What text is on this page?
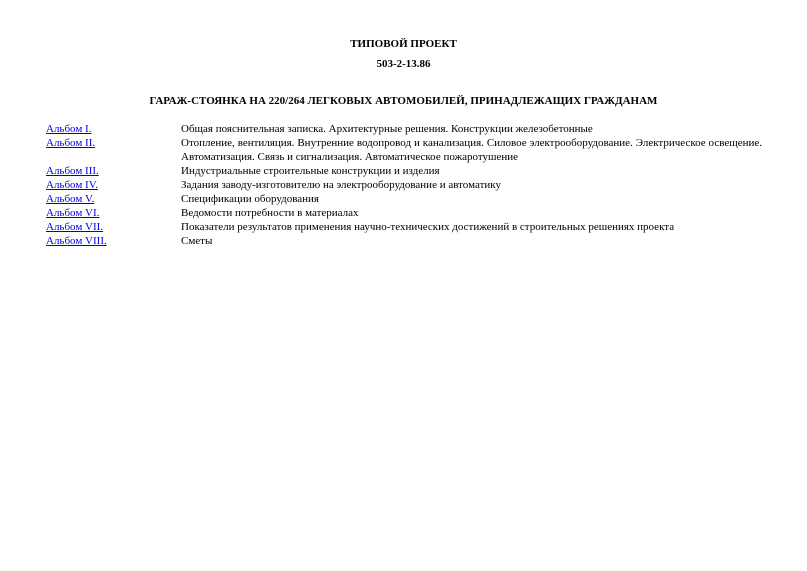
ТИПОВОЙ ПРОЕКТ
503-2-13.86
ГАРАЖ-СТОЯНКА НА 220/264 ЛЕГКОВЫХ АВТОМОБИЛЕЙ, ПРИНАДЛЕЖАЩИХ ГРАЖДАНАМ
Альбом I.	Общая пояснительная записка. Архитектурные решения. Конструкции железобетонные
Альбом II.	Отопление, вентиляция. Внутренние водопровод и канализация. Силовое электрооборудование. Электрическое освещение. Автоматизация. Связь и сигнализация. Автоматическое пожаротушение
Альбом III.	Индустриальные строительные конструкции и изделия
Альбом IV.	Задания заводу-изготовителю на электрооборудование и автоматику
Альбом V.	Спецификации оборудования
Альбом VI.	Ведомости потребности в материалах
Альбом VII.	Показатели результатов применения научно-технических достижений в строительных решениях проекта
Альбом VIII.	Сметы
